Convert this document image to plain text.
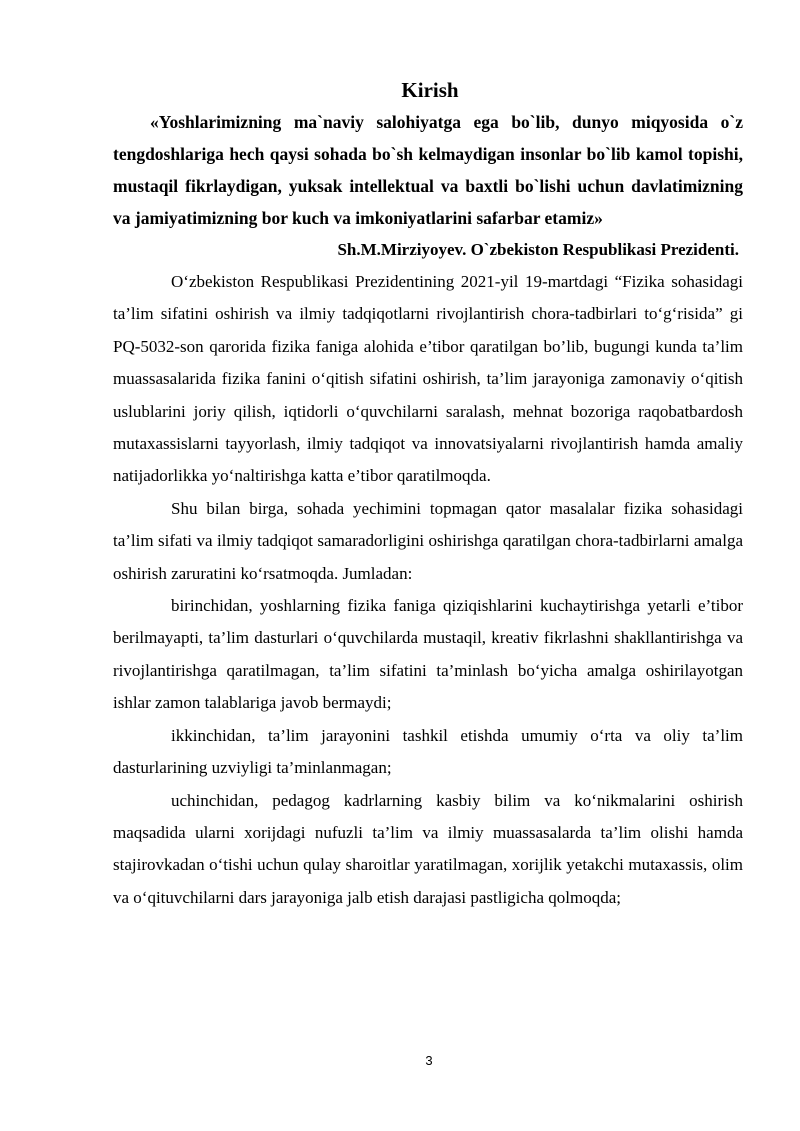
Kirish

«Yoshlarimizning ma`naviy salohiyatga ega bo`lib, dunyo miqyosida o`z tengdoshlariga hech qaysi sohada bo`sh kelmaydigan insonlar bo`lib kamol topishi, mustaqil fikrlaydigan, yuksak intellektual va baxtli bo`lishi uchun davlatimizning va jamiyatimizning bor kuch va imkoniyatlarini safarbar etamiz»

Sh.M.Mirziyoyev. O`zbekiston Respublikasi Prezidenti.

O‘zbekiston Respublikasi Prezidentining 2021-yil 19-martdagi “Fizika sohasidagi ta’lim sifatini oshirish va ilmiy tadqiqotlarni rivojlantirish chora-tadbirlari to‘g‘risida” gi PQ-5032-son qarorida fizika faniga alohida e’tibor qaratilgan bo’lib, bugungi kunda ta’lim muassasalarida fizika fanini o‘qitish sifatini oshirish, ta’lim jarayoniga zamonaviy o‘qitish uslublarini joriy qilish, iqtidorli o‘quvchilarni saralash, mehnat bozoriga raqobatbardosh mutaxassislarni tayyorlash, ilmiy tadqiqot va innovatsiyalarni rivojlantirish hamda amaliy natijadorlikka yo‘naltirishga katta e’tibor qaratilmoqda.

Shu bilan birga, sohada yechimini topmagan qator masalalar fizika sohasidagi ta’lim sifati va ilmiy tadqiqot samaradorligini oshirishga qaratilgan chora-tadbirlarni amalga oshirish zaruratini ko‘rsatmoqda. Jumladan:

birinchidan, yoshlarning fizika faniga qiziqishlarini kuchaytirishga yetarli e’tibor berilmayapti, ta’lim dasturlari o‘quvchilarda mustaqil, kreativ fikrlashni shakllantirishga va rivojlantirishga qaratilmagan, ta’lim sifatini ta’minlash bo‘yicha amalga oshirilayotgan ishlar zamon talablariga javob bermaydi;

ikkinchidan, ta’lim jarayonini tashkil etishda umumiy o‘rta va oliy ta’lim dasturlarining uzviyligi ta’minlanmagan;

uchinchidan, pedagog kadrlarning kasbiy bilim va ko‘nikmalarini oshirish maqsadida ularni xorijdagi nufuzli ta’lim va ilmiy muassasalarda ta’lim olishi hamda stajirovkadan o‘tishi uchun qulay sharoitlar yaratilmagan, xorijlik yetakchi mutaxassis, olim va o‘qituvchilarni dars jarayoniga jalb etish darajasi pastligicha qolmoqda;

3
